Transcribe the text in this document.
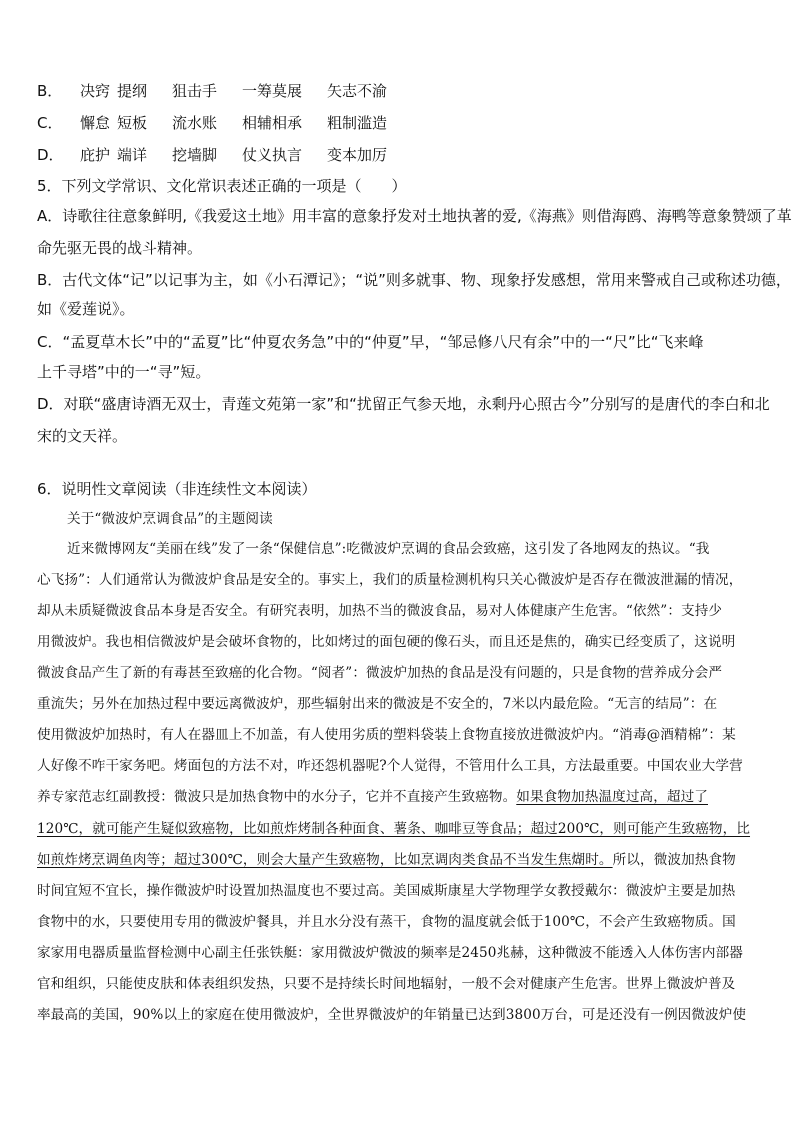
B． 决窍 提纲 狙击手 一筹莫展 矢志不渝
C． 懈怠 短板 流水账 相辅相承 粗制滥造
D． 庇护 端详 挖墙脚 仗义执言 变本加厉
5．下列文学常识、文化常识表述正确的一项是（　　）
A．诗歌往往意象鲜明,《我爱这土地》用丰富的意象抒发对土地执著的爱,《海燕》则借海鸥、海鸭等意象赞颂了革
命先驱无畏的战斗精神。
B．古代文体“记”以记事为主，如《小石潭记》；“说”则多就事、物、现象抒发感想，常用来警戒自己或称述功德，
如《爱莲说》。
C．“孟夏草木长”中的“孟夏”比“仲夏农务急”中的“仲夏”早，“邹忌修八尺有余”中的一“尺”比“飞来峰
上千寻塔”中的一“寻”短。
D．对联“盛唐诗酒无双士，青莲文苑第一家”和“扰留正气参天地，永剩丹心照古今”分别写的是唐代的李白和北
宋的文天祥。
6．说明性文章阅读（非连续性文本阅读）
关于“微波炉烹调食品”的主题阅读
近来微博网友“美丽在线”发了一条“保健信息”:吃微波炉烹调的食品会致癌，这引发了各地网友的热议。“我
心飞扬”：人们通常认为微波炉食品是安全的。事实上，我们的质量检测机构只关心微波炉是否存在微波泄漏的情况，
却从未质疑微波食品本身是否安全。有研究表明，加热不当的微波食品，易对人体健康产生危害。“依然”：支持少
用微波炉。我也相信微波炉是会破坏食物的，比如烤过的面包硬的像石头，而且还是焦的，确实已经变质了，这说明
微波食品产生了新的有毒甚至致癌的化合物。“阅者”：微波炉加热的食品是没有问题的，只是食物的营养成分会严
重流失；另外在加热过程中要远离微波炉，那些辐射出来的微波是不安全的，7米以内最危险。“无言的结局”：在
使用微波炉加热时，有人在器皿上不加盖，有人使用劣质的塑料袋装上食物直接放进微波炉内。“消毒@酒精棉”：某
人好像不咋干家务吧。烤面包的方法不对，咋还怨机器呢?个人觉得，不管用什么工具，方法最重要。中国农业大学营
养专家范志红副教授：微波只是加热食物中的水分子，它并不直接产生致癌物。如果食物加热温度过高，超过了
120℃，就可能产生疑似致癌物，比如煎炸烤制各种面食、薯条、咖啡豆等食品；超过200℃，则可能产生致癌物，比
如煎炸烤烹调鱼肉等；超过300℃，则会大量产生致癌物，比如烹调肉类食品不当发生焦煳时。所以，微波加热食物
时间宜短不宜长，操作微波炉时设置加热温度也不要过高。美国威斯康星大学物理学女教授戴尔：微波炉主要是加热
食物中的水，只要使用专用的微波炉餐具，并且水分没有蒸干，食物的温度就会低于100℃，不会产生致癌物质。国
家家用电器质量监督检测中心副主任张铁艇：家用微波炉微波的频率是2450兆赫，这种微波不能透入人体伤害内部器
官和组织，只能使皮肤和体表组织发热，只要不是持续长时间地辐射，一般不会对健康产生危害。世界上微波炉普及
率最高的美国，90%以上的家庭在使用微波炉，全世界微波炉的年销量已达到3800万台，可是还没有一例因微波炉使
